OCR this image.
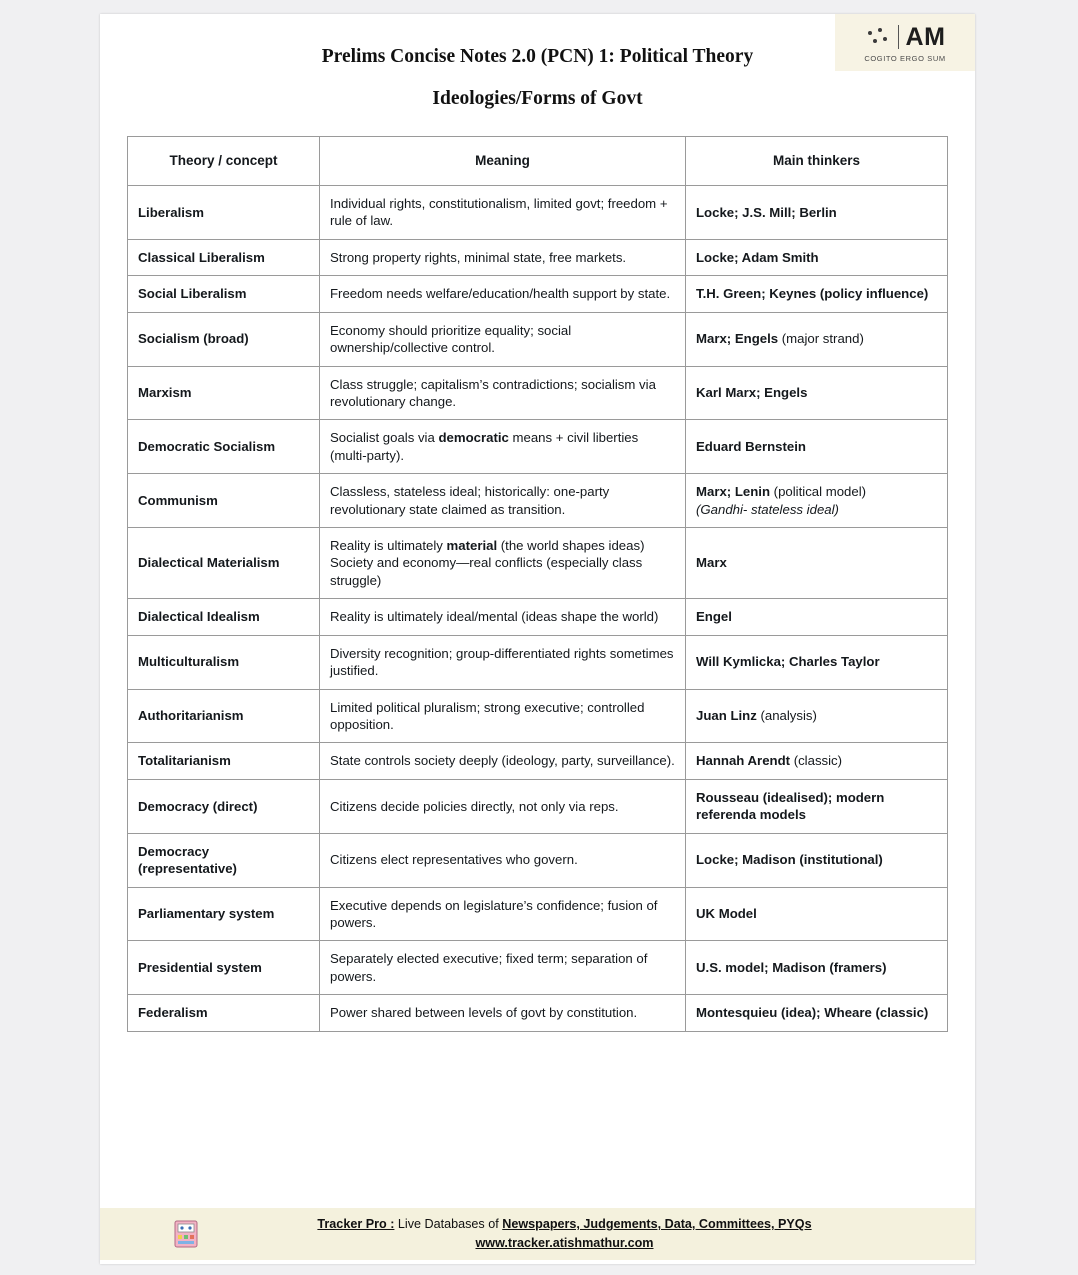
AM
COGITO ERGO SUM
Prelims Concise Notes 2.0 (PCN) 1: Political Theory
Ideologies/Forms of Govt
Theory / concept	Meaning	Main thinkers
Liberalism	Individual rights, constitutionalism, limited govt; freedom + rule of law.	Locke; J.S. Mill; Berlin
Classical Liberalism	Strong property rights, minimal state, free markets.	Locke; Adam Smith
Social Liberalism	Freedom needs welfare/education/health support by state.	T.H. Green; Keynes (policy influence)
Socialism (broad)	Economy should prioritize equality; social ownership/collective control.	Marx; Engels (major strand)
Marxism	Class struggle; capitalism’s contradictions; socialism via revolutionary change.	Karl Marx; Engels
Democratic Socialism	Socialist goals via democratic means + civil liberties (multi-party).	Eduard Bernstein
Communism	Classless, stateless ideal; historically: one-party revolutionary state claimed as transition.	Marx; Lenin (political model)
(Gandhi- stateless ideal)
Dialectical Materialism	Reality is ultimately material (the world shapes ideas) Society and economy—real conflicts (especially class struggle)	Marx
Dialectical Idealism	Reality is ultimately ideal/mental (ideas shape the world)	Engel
Multiculturalism	Diversity recognition; group-differentiated rights sometimes justified.	Will Kymlicka; Charles Taylor
Authoritarianism	Limited political pluralism; strong executive; controlled opposition.	Juan Linz (analysis)
Totalitarianism	State controls society deeply (ideology, party, surveillance).	Hannah Arendt (classic)
Democracy (direct)	Citizens decide policies directly, not only via reps.	Rousseau (idealised); modern referenda models
Democracy (representative)	Citizens elect representatives who govern.	Locke; Madison (institutional)
Parliamentary system	Executive depends on legislature’s confidence; fusion of powers.	UK Model
Presidential system	Separately elected executive; fixed term; separation of powers.	U.S. model; Madison (framers)
Federalism	Power shared between levels of govt by constitution.	Montesquieu (idea); Wheare (classic)
Tracker Pro : Live Databases of Newspapers, Judgements, Data, Committees, PYQs
www.tracker.atishmathur.com
